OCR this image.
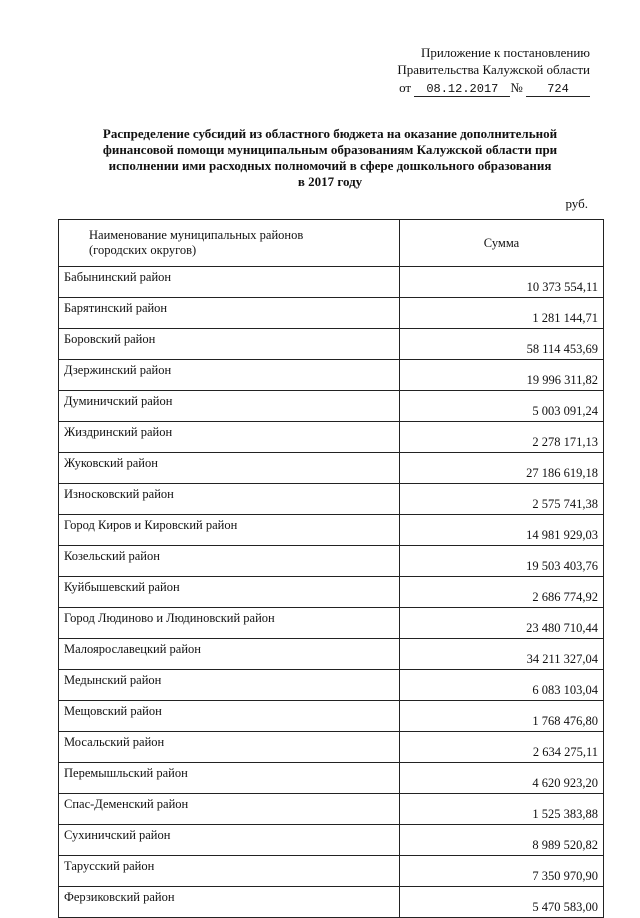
Приложение к постановлению
Правительства Калужской области
от 08.12.2017 № 724
Распределение субсидий из областного бюджета на оказание дополнительной
финансовой помощи муниципальным образованиям Калужской области при
исполнении ими расходных полномочий в сфере дошкольного образования
в 2017 году
руб.
Наименование муниципальных районов
(городских округов)	Сумма
Бабынинский район	10 373 554,11
Барятинский район	1 281 144,71
Боровский район	58 114 453,69
Дзержинский район	19 996 311,82
Думиничский район	5 003 091,24
Жиздринский район	2 278 171,13
Жуковский район	27 186 619,18
Износковский район	2 575 741,38
Город Киров и Кировский район	14 981 929,03
Козельский район	19 503 403,76
Куйбышевский район	2 686 774,92
Город Людиново и Людиновский район	23 480 710,44
Малоярославецкий район	34 211 327,04
Медынский район	6 083 103,04
Мещовский район	1 768 476,80
Мосальский район	2 634 275,11
Перемышльский район	4 620 923,20
Спас-Деменский район	1 525 383,88
Сухиничский район	8 989 520,82
Тарусский район	7 350 970,90
Ферзиковский район	5 470 583,00
